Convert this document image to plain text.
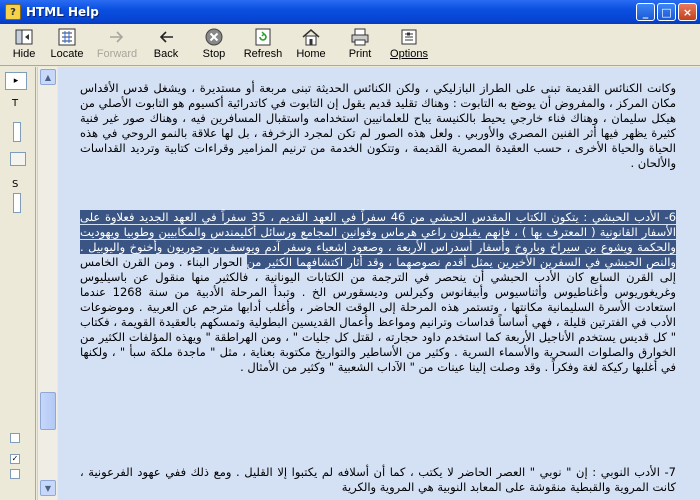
? HTML Help	_	□	×
Hide Locate Forward Back Stop Refresh Home Print Options
▸
T
S
✓
▲
▼

وكانت الكنائس القديمة تبنى على الطراز البازليكي ، ولكن الكنائس الحديثة تبنى مربعة أو مستديرة ، ويشغل قدس الأقداس مكان المركز ، والمفروض أن يوضع به التابوت : وهناك تقليد قديم يقول إن التابوت في كاتدرائية أكسيوم هو التابوت الأصلي من هيكل سليمان ، وهناك فناء خارجي يحيط بالكنيسة يباح للعلمانيين استخدامه واستقبال المسافرين فيه ، وهناك صور غير فنية كثيرة يظهر فيها أثر الفنين المصري والأوربي . ولعل هذه الصور لم تكن لمجرد الزخرفة ، بل لها علاقة بالنمو الروحي في هذه الحياة والحياة الأخرى ، حسب العقيدة المصرية القديمة ، وتتكون الخدمة من ترنيم المزامير وقراءات كتابية وترديد القداسات والألحان .

6- الأدب الحبشي : يتكون الكتاب المقدس الحبشي من 46 سفراً في العهد القديم ، 35 سفراً في العهد الجديد فعلاوة على الأسفار القانونية ( المعترف بها ) ، فإنهم يقبلون راعي هرماس وقوانين المجامع ورسائل أكليمندس والمكابيين وطوبيا ويهوديت والحكمة ويشوع بن سيراخ وباروخ وأسفار أسدراس الأربعة ، وصعود إشعياء وسفر آدم ويوسف بن جوريون وأخنوخ واليوبيل . والنص الحبشي في السفرين الأخيرين يمثل أقدم نصوصهما ، وقد أثار اكتشافهما الكثير من الحوار البناء . ومن القرن الخامس إلى القرن السابع كان الأدب الحبشي أن ينحصر في الترجمة من الكتابات اليونانية ، فالكثير منها منقول عن باسيليوس وغريغوريوس وأغناطيوس وأثناسيوس وأبيفانوس وكيرلس وديسقورس الخ . وتبدأ المرحلة الأدبية من سنة 1268 عندما استعادت الأسرة السليمانية مكانتها ، وتستمر هذه المرحلة إلى الوقت الحاضر ، وأغلب أدابها مترجم عن العربية . وموضوعات الأدب في الفترتين قليلة ، فهي أساساً قداسات وترانيم ومواعظ وأعمال القديسين البطولية وتمسكهم بالعقيدة القويمة ، فكتاب " كل قديس يستخدم الأناجيل الأربعة كما استخدم داود حجارته ، لقتل كل جليات " ، ومن الهراطقة " ويهذه المؤلفات الكثير من الخوارق والصلوات السحرية والأسماء السرية . وكثير من الأساطير والتواريخ مكتوبة بعناية ، مثل " ماجدة ملكة سبأ " ، ولكنها في أغلبها ركيكة لغة وفكراً . وقد وصلت إلينا عينات من " الآداب الشعبية " وكثير من الأمثال .

7- الأدب النوبي : إن " نوبي " العصر الحاضر لا يكتب ، كما أن أسلافه لم يكتبوا إلا القليل . ومع ذلك ففي عهود الفرعونية ، كانت المروية والقبطية منقوشة على المعابد النوبية هي المروية والكرية
